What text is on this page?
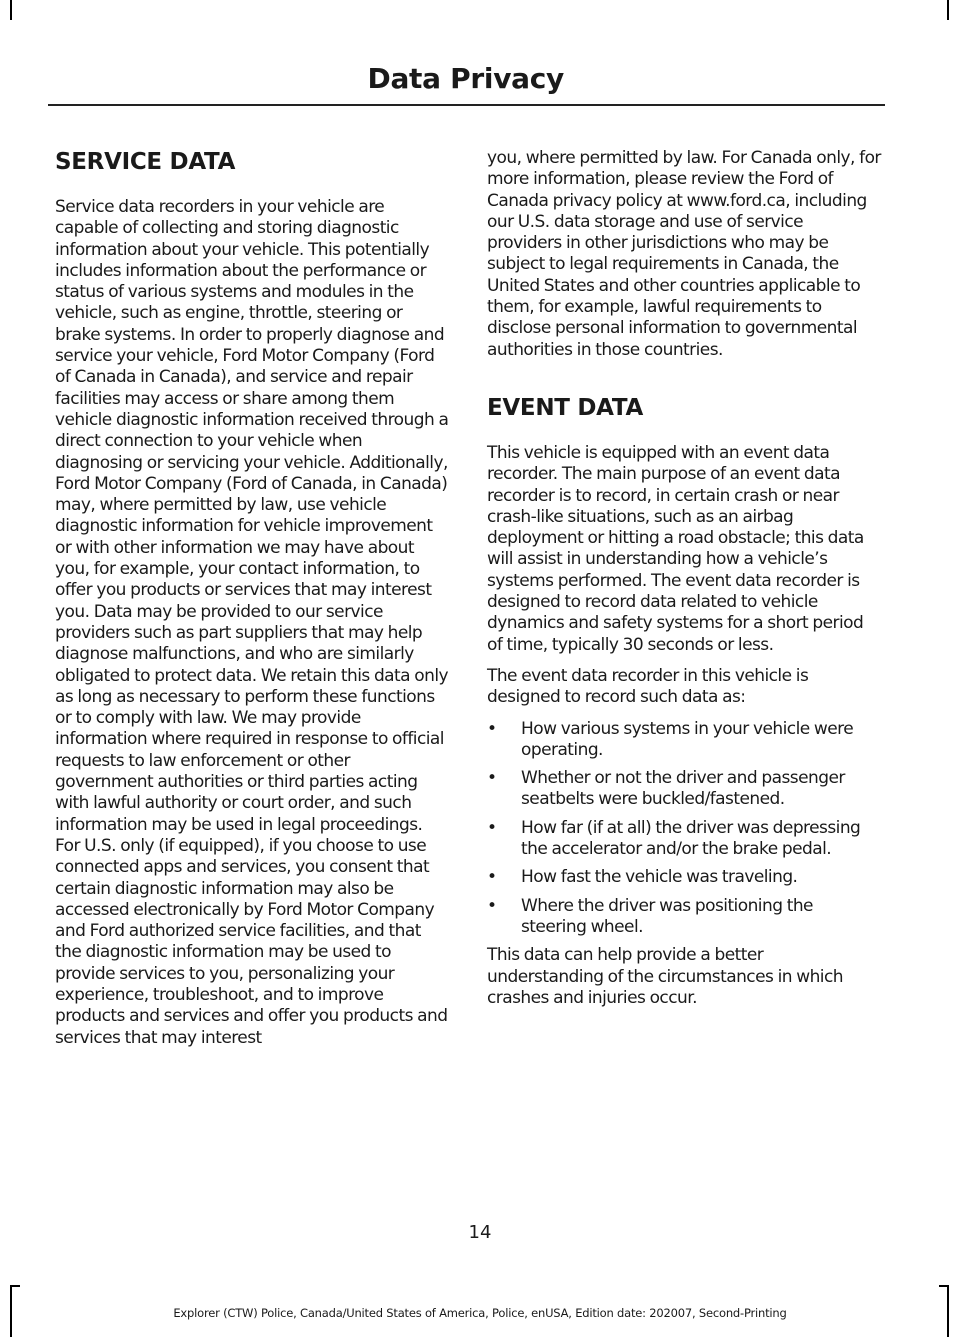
Data Privacy
SERVICE DATA

Service data recorders in your vehicle are capable of collecting and storing diagnostic information about your vehicle. This potentially includes information about the performance or status of various systems and modules in the vehicle, such as engine, throttle, steering or brake systems. In order to properly diagnose and service your vehicle, Ford Motor Company (Ford of Canada in Canada), and service and repair facilities may access or share among them vehicle diagnostic information received through a direct connection to your vehicle when diagnosing or servicing your vehicle. Additionally, Ford Motor Company (Ford of Canada, in Canada) may, where permitted by law, use vehicle diagnostic information for vehicle improvement or with other information we may have about you, for example, your contact information, to offer you products or services that may interest you. Data may be provided to our service providers such as part suppliers that may help diagnose malfunctions, and who are similarly obligated to protect data. We retain this data only as long as necessary to perform these functions or to comply with law. We may provide information where required in response to official requests to law enforcement or other government authorities or third parties acting with lawful authority or court order, and such information may be used in legal proceedings. For U.S. only (if equipped), if you choose to use connected apps and services, you consent that certain diagnostic information may also be accessed electronically by Ford Motor Company and Ford authorized service facilities, and that the diagnostic information may be used to provide services to you, personalizing your experience, troubleshoot, and to improve products and services and offer you products and services that may interest

you, where permitted by law. For Canada only, for more information, please review the Ford of Canada privacy policy at www.ford.ca, including our U.S. data storage and use of service providers in other jurisdictions who may be subject to legal requirements in Canada, the United States and other countries applicable to them, for example, lawful requirements to disclose personal information to governmental authorities in those countries.

EVENT DATA

This vehicle is equipped with an event data recorder. The main purpose of an event data recorder is to record, in certain crash or near crash-like situations, such as an airbag deployment or hitting a road obstacle; this data will assist in understanding how a vehicle’s systems performed. The event data recorder is designed to record data related to vehicle dynamics and safety systems for a short period of time, typically 30 seconds or less.

The event data recorder in this vehicle is designed to record such data as:

• How various systems in your vehicle were operating.
• Whether or not the driver and passenger seatbelts were buckled/fastened.
• How far (if at all) the driver was depressing the accelerator and/or the brake pedal.
• How fast the vehicle was traveling.
• Where the driver was positioning the steering wheel.

This data can help provide a better understanding of the circumstances in which crashes and injuries occur.

14
Explorer (CTW) Police, Canada/United States of America, Police, enUSA, Edition date: 202007, Second-Printing
